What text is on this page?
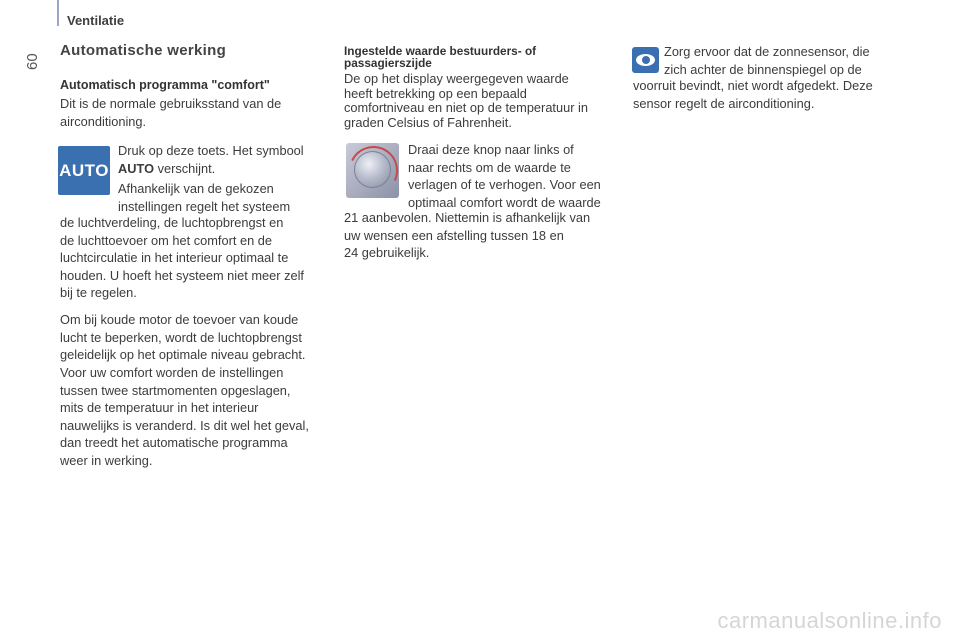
Ventilatie
60
Automatische werking
Automatisch programma "comfort"
Dit is de normale gebruiksstand van de
airconditioning.
AUTO
Druk op deze toets. Het symbool
AUTO verschijnt.
Afhankelijk van de gekozen
instellingen regelt het systeem
de luchtverdeling, de luchtopbrengst en
de luchttoevoer om het comfort en de
luchtcirculatie in het interieur optimaal te
houden. U hoeft het systeem niet meer zelf
bij te regelen.
Om bij koude motor de toevoer van koude
lucht te beperken, wordt de luchtopbrengst
geleidelijk op het optimale niveau gebracht.
Voor uw comfort worden de instellingen
tussen twee startmomenten opgeslagen,
mits de temperatuur in het interieur
nauwelijks is veranderd. Is dit wel het geval,
dan treedt het automatische programma
weer in werking.
Ingestelde waarde bestuurders- of
passagierszijde
De op het display weergegeven waarde
heeft betrekking op een bepaald
comfortniveau en niet op de temperatuur in
graden Celsius of Fahrenheit.
Draai deze knop naar links of
naar rechts om de waarde te
verlagen of te verhogen. Voor een
optimaal comfort wordt de waarde
21 aanbevolen. Niettemin is afhankelijk van
uw wensen een afstelling tussen 18 en
24 gebruikelijk.
Zorg ervoor dat de zonnesensor, die
zich achter de binnenspiegel op de
voorruit bevindt, niet wordt afgedekt. Deze
sensor regelt de airconditioning.
carmanualsonline.info
